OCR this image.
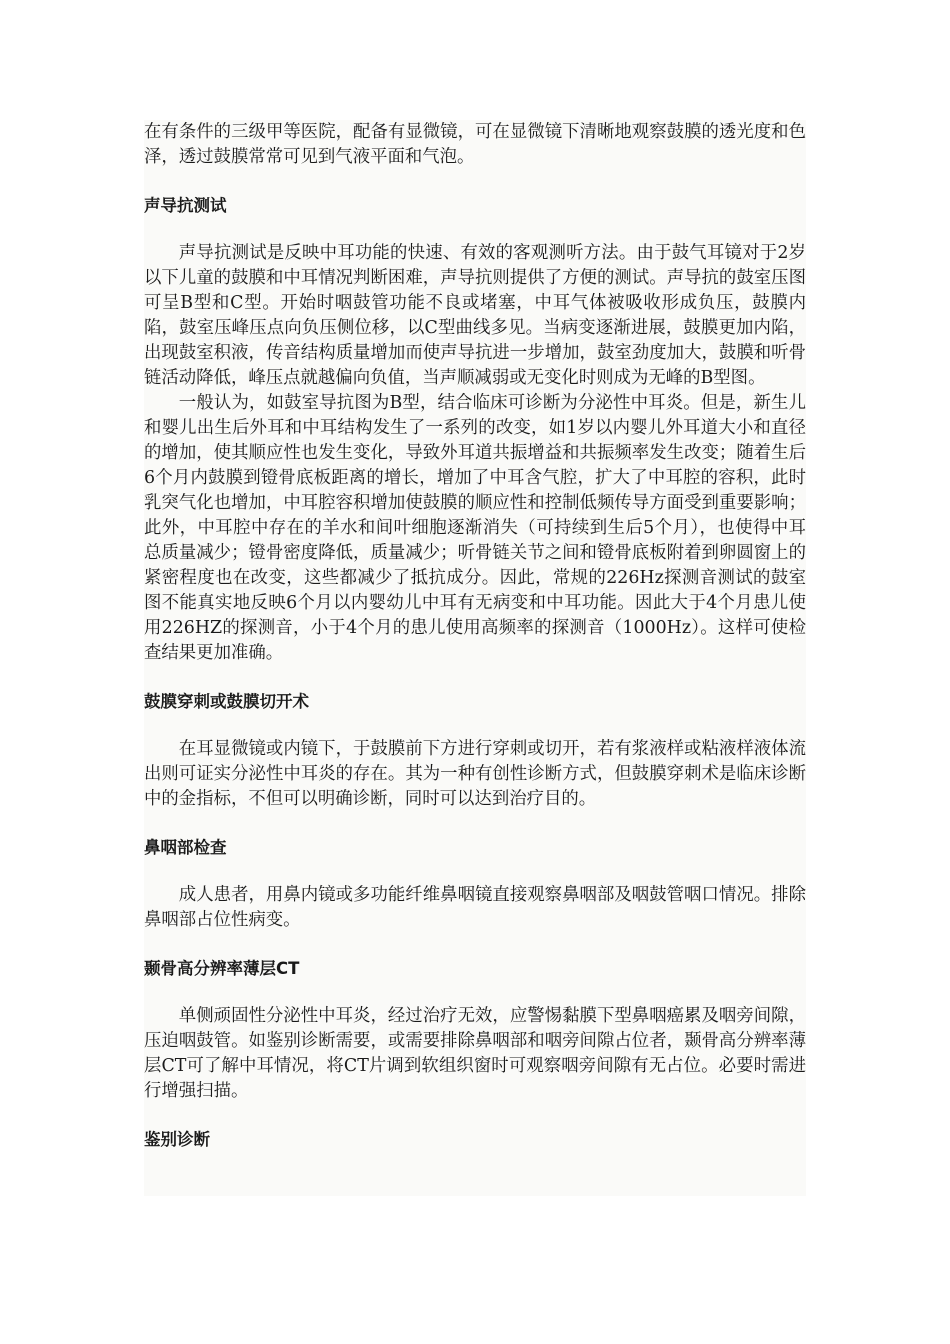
在有条件的三级甲等医院，配备有显微镜，可在显微镜下清晰地观察鼓膜的透光度和色泽，透过鼓膜常常可见到气液平面和气泡。

声导抗测试

声导抗测试是反映中耳功能的快速、有效的客观测听方法。由于鼓气耳镜对于2岁以下儿童的鼓膜和中耳情况判断困难，声导抗则提供了方便的测试。声导抗的鼓室压图可呈B型和C型。开始时咽鼓管功能不良或堵塞，中耳气体被吸收形成负压，鼓膜内陷，鼓室压峰压点向负压侧位移，以C型曲线多见。当病变逐渐进展，鼓膜更加内陷，出现鼓室积液，传音结构质量增加而使声导抗进一步增加，鼓室劲度加大，鼓膜和听骨链活动降低，峰压点就越偏向负值，当声顺减弱或无变化时则成为无峰的B型图。

一般认为，如鼓室导抗图为B型，结合临床可诊断为分泌性中耳炎。但是，新生儿和婴儿出生后外耳和中耳结构发生了一系列的改变，如1岁以内婴儿外耳道大小和直径的增加，使其顺应性也发生变化，导致外耳道共振增益和共振频率发生改变；随着生后6个月内鼓膜到镫骨底板距离的增长，增加了中耳含气腔，扩大了中耳腔的容积，此时乳突气化也增加，中耳腔容积增加使鼓膜的顺应性和控制低频传导方面受到重要影响；此外，中耳腔中存在的羊水和间叶细胞逐渐消失（可持续到生后5个月），也使得中耳总质量减少；镫骨密度降低，质量减少；听骨链关节之间和镫骨底板附着到卵圆窗上的紧密程度也在改变，这些都减少了抵抗成分。因此，常规的226Hz探测音测试的鼓室图不能真实地反映6个月以内婴幼儿中耳有无病变和中耳功能。因此大于4个月患儿使用226HZ的探测音，小于4个月的患儿使用高频率的探测音（1000Hz）。这样可使检查结果更加准确。

鼓膜穿刺或鼓膜切开术

在耳显微镜或内镜下，于鼓膜前下方进行穿刺或切开，若有浆液样或粘液样液体流出则可证实分泌性中耳炎的存在。其为一种有创性诊断方式，但鼓膜穿刺术是临床诊断中的金指标，不但可以明确诊断，同时可以达到治疗目的。

鼻咽部检查

成人患者，用鼻内镜或多功能纤维鼻咽镜直接观察鼻咽部及咽鼓管咽口情况。排除鼻咽部占位性病变。

颞骨高分辨率薄层CT

单侧顽固性分泌性中耳炎，经过治疗无效，应警惕黏膜下型鼻咽癌累及咽旁间隙，压迫咽鼓管。如鉴别诊断需要，或需要排除鼻咽部和咽旁间隙占位者，颞骨高分辨率薄层CT可了解中耳情况，将CT片调到软组织窗时可观察咽旁间隙有无占位。必要时需进行增强扫描。

鉴别诊断
